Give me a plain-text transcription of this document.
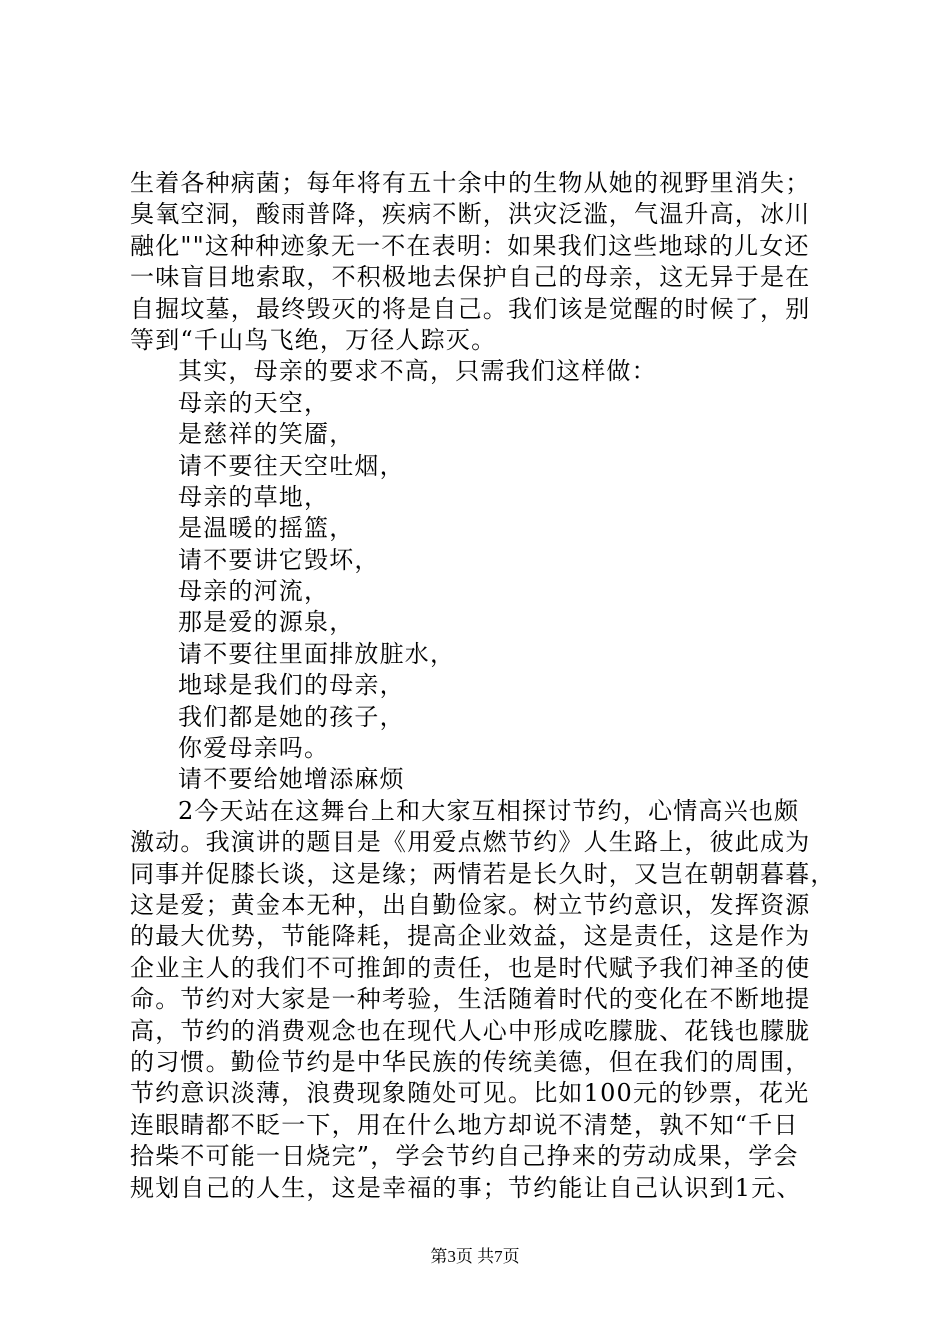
生着各种病菌；每年将有五十余中的生物从她的视野里消失；
臭氧空洞，酸雨普降，疾病不断，洪灾泛滥，气温升高，冰川
融化""这种种迹象无一不在表明：如果我们这些地球的儿女还
一味盲目地索取，不积极地去保护自己的母亲，这无异于是在
自掘坟墓，最终毁灭的将是自己。我们该是觉醒的时候了，别
等到“千山鸟飞绝，万径人踪灭。
其实，母亲的要求不高，只需我们这样做：
母亲的天空，
是慈祥的笑靥，
请不要往天空吐烟，
母亲的草地，
是温暖的摇篮，
请不要讲它毁坏，
母亲的河流，
那是爱的源泉，
请不要往里面排放脏水，
地球是我们的母亲，
我们都是她的孩子，
你爱母亲吗。
请不要给她增添麻烦
2今天站在这舞台上和大家互相探讨节约，心情高兴也颇
激动。我演讲的题目是《用爱点燃节约》人生路上，彼此成为
同事并促膝长谈，这是缘；两情若是长久时，又岂在朝朝暮暮，
这是爱；黄金本无种，出自勤俭家。树立节约意识，发挥资源
的最大优势，节能降耗，提高企业效益，这是责任，这是作为
企业主人的我们不可推卸的责任，也是时代赋予我们神圣的使
命。节约对大家是一种考验，生活随着时代的变化在不断地提
高，节约的消费观念也在现代人心中形成吃朦胧、花钱也朦胧
的习惯。勤俭节约是中华民族的传统美德，但在我们的周围，
节约意识淡薄，浪费现象随处可见。比如100元的钞票，花光
连眼睛都不眨一下，用在什么地方却说不清楚，孰不知“千日
拾柴不可能一日烧完”，学会节约自己挣来的劳动成果，学会
规划自己的人生，这是幸福的事；节约能让自己认识到1元、
第3页 共7页
